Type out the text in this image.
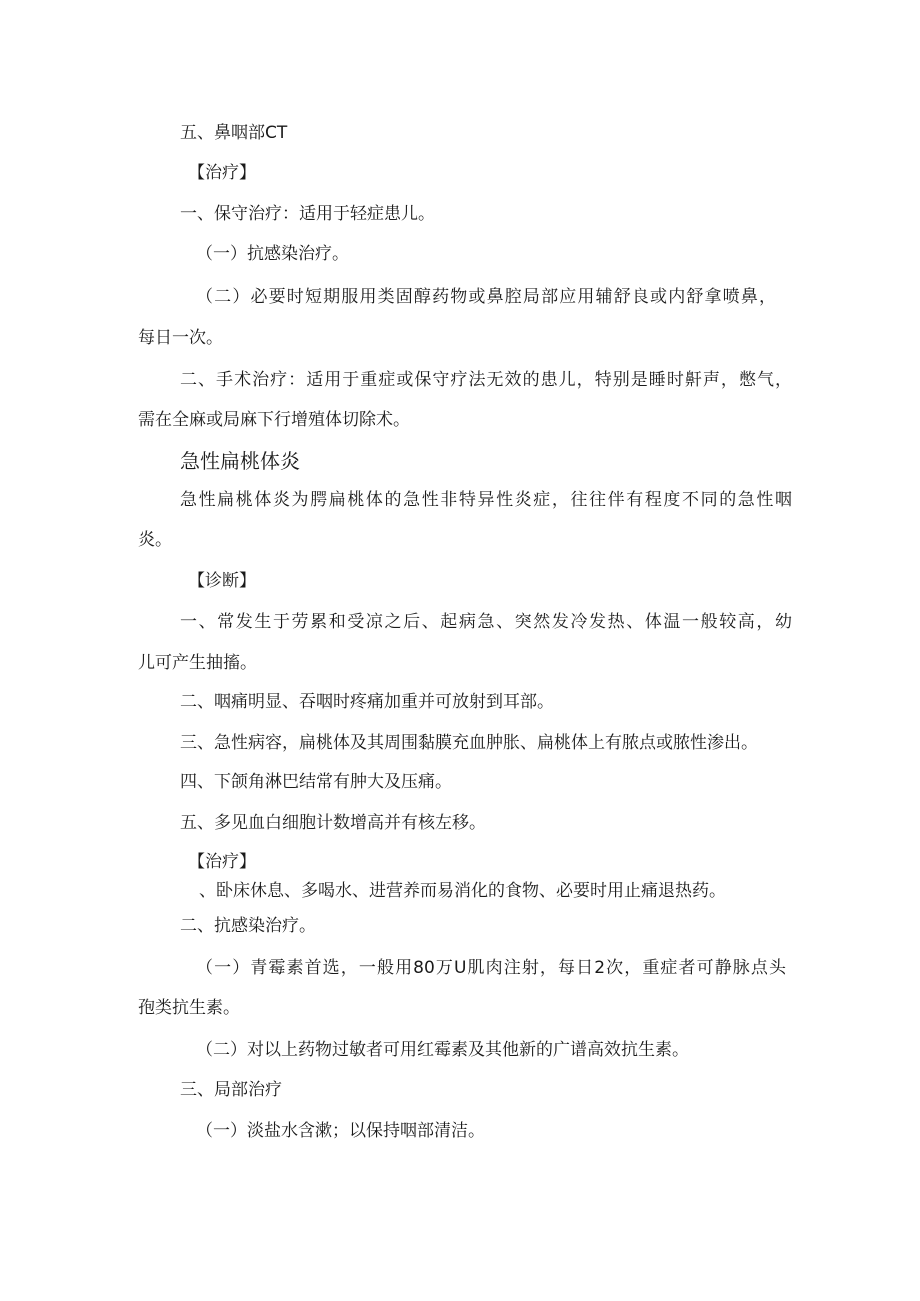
五、鼻咽部CT

【治疗】

一、保守治疗：适用于轻症患儿。

（一）抗感染治疗。

（二）必要时短期服用类固醇药物或鼻腔局部应用辅舒良或内舒拿喷鼻，

每日一次。

二、手术治疗：适用于重症或保守疗法无效的患儿，特别是睡时鼾声，憋气，

需在全麻或局麻下行增殖体切除术。

急性扁桃体炎

急性扁桃体炎为腭扁桃体的急性非特异性炎症，往往伴有程度不同的急性咽

炎。

【诊断】

一、常发生于劳累和受凉之后、起病急、突然发冷发热、体温一般较高，幼

儿可产生抽搐。

二、咽痛明显、吞咽时疼痛加重并可放射到耳部。

三、急性病容，扁桃体及其周围黏膜充血肿胀、扁桃体上有脓点或脓性渗出。

四、下颌角淋巴结常有肿大及压痛。

五、多见血白细胞计数增高并有核左移。

【治疗】

、卧床休息、多喝水、进营养而易消化的食物、必要时用止痛退热药。

二、抗感染治疗。

（一）青霉素首选，一般用80万U肌肉注射，每日2次，重症者可静脉点头

孢类抗生素。

（二）对以上药物过敏者可用红霉素及其他新的广谱高效抗生素。

三、局部治疗

（一）淡盐水含漱；以保持咽部清洁。
